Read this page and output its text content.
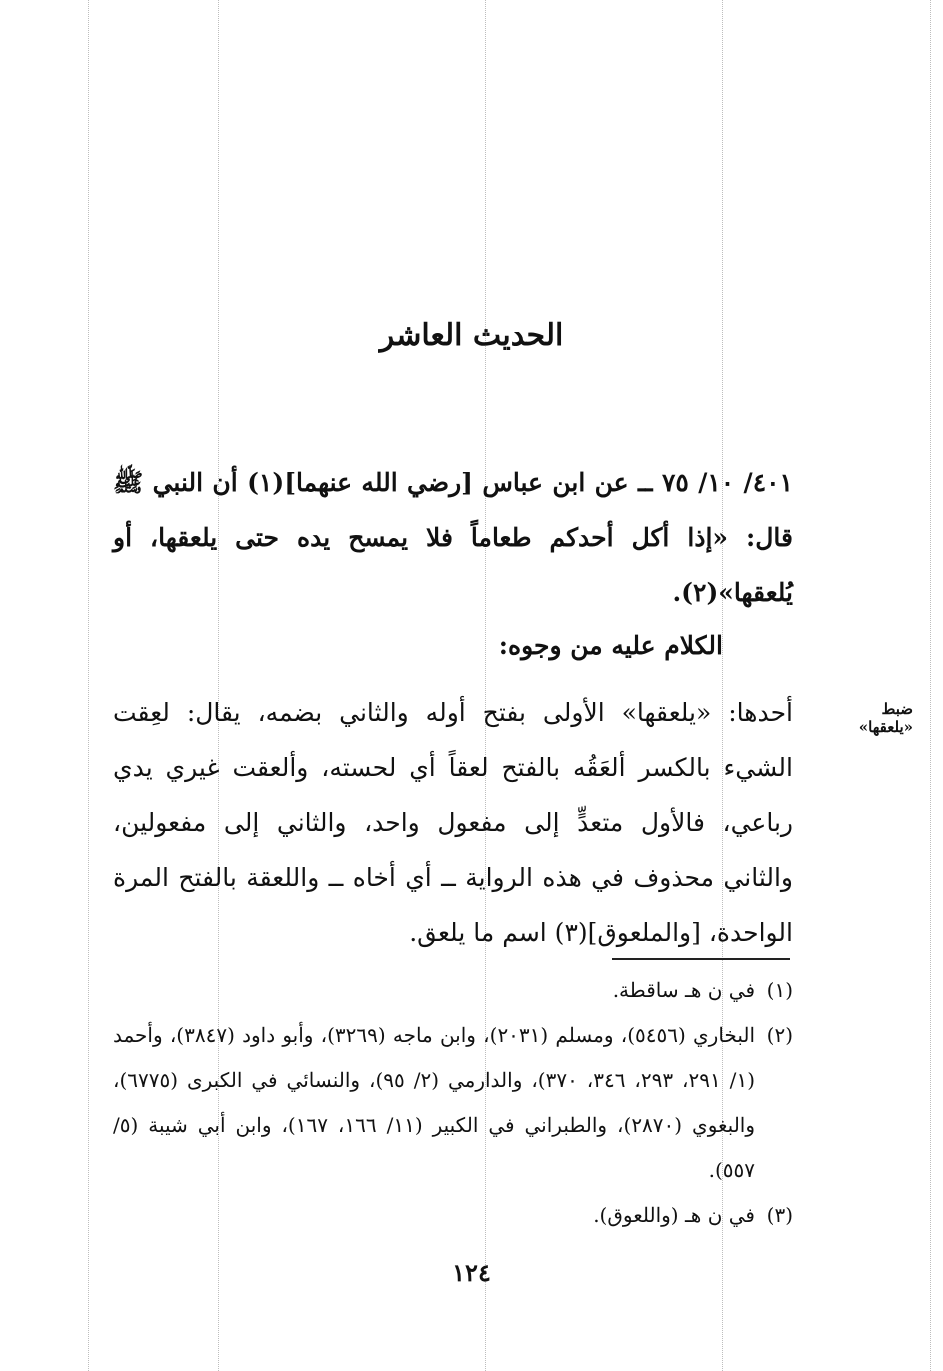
الحديث العاشر

٤٠١/ ١٠/ ٧٥ ــ عن ابن عباس [رضي الله عنهما](١) أن النبي ﷺ قال: «إذا أكل أحدكم طعاماً فلا يمسح يده حتى يلعقها، أو يُلعقها»(٢).

الكلام عليه من وجوه:

ضبط «يلعقها»

أحدها: «يلعقها» الأولى بفتح أوله والثاني بضمه، يقال: لعِقت الشيء بالكسر ألعَقُه بالفتح لعقاً أي لحسته، وألعقت غيري يدي رباعي، فالأول متعدٍّ إلى مفعول واحد، والثاني إلى مفعولين، والثاني محذوف في هذه الرواية ــ أي أخاه ــ واللعقة بالفتح المرة الواحدة، [والملعوق](٣) اسم ما يلعق.

(١)
في ن هـ ساقطة.
(٢)
البخاري (٥٤٥٦)، ومسلم (٢٠٣١)، وابن ماجه (٣٢٦٩)، وأبو داود (٣٨٤٧)، وأحمد (١/ ٢٩١، ٢٩٣، ٣٤٦، ٣٧٠)، والدارمي (٢/ ٩٥)، والنسائي في الكبرى (٦٧٧٥)، والبغوي (٢٨٧٠)، والطبراني في الكبير (١١/ ١٦٦، ١٦٧)، وابن أبي شيبة (٥/ ٥٥٧).
(٣)
في ن هـ (واللعوق).
١٢٤
